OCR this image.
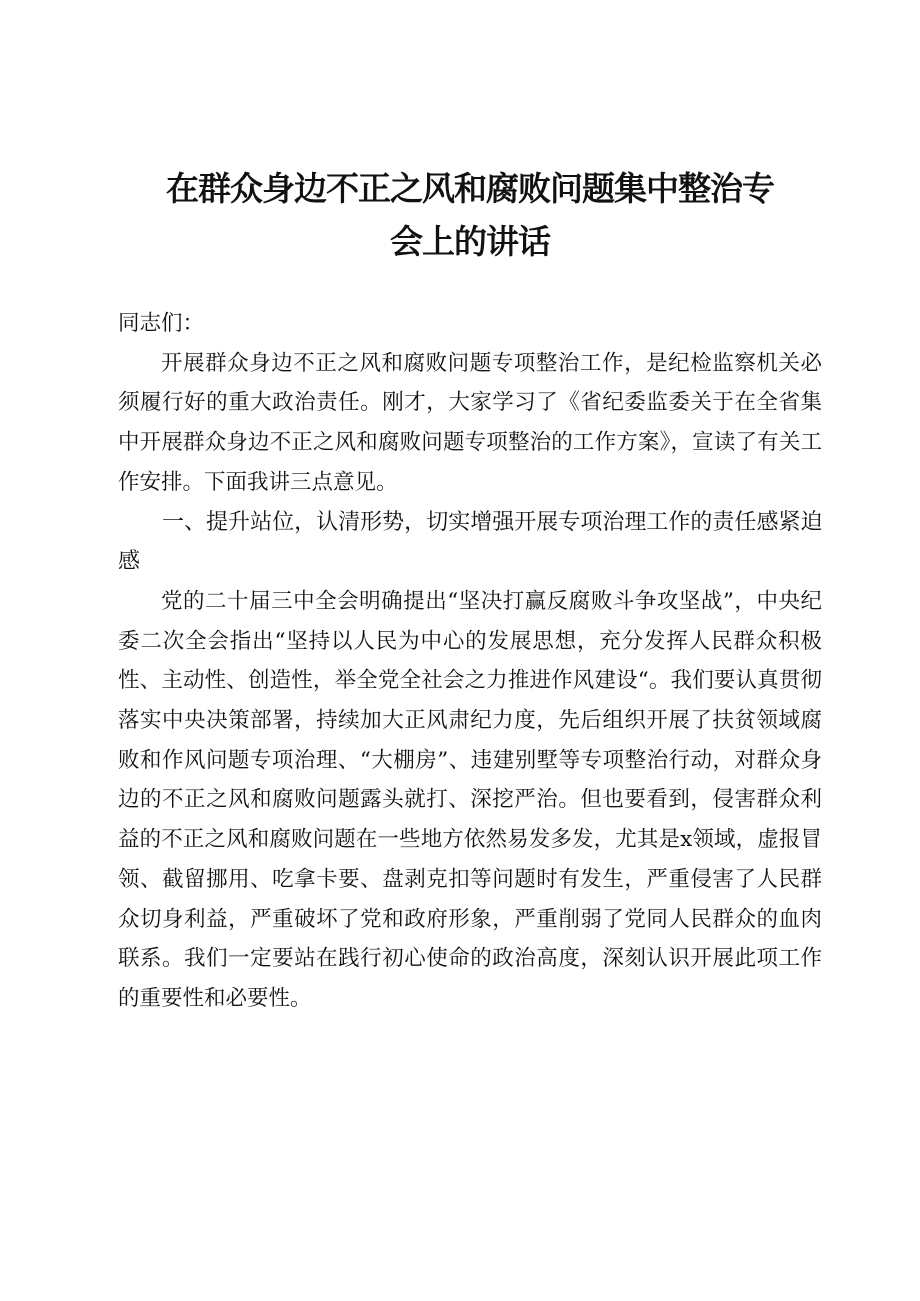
在群众身边不正之风和腐败问题集中整治专
会上的讲话

同志们：

开展群众身边不正之风和腐败问题专项整治工作，是纪检监察机关必须履行好的重大政治责任。刚才，大家学习了《省纪委监委关于在全省集中开展群众身边不正之风和腐败问题专项整治的工作方案》，宣读了有关工作安排。下面我讲三点意见。

一、提升站位，认清形势，切实增强开展专项治理工作的责任感紧迫感

党的二十届三中全会明确提出“坚决打赢反腐败斗争攻坚战”，中央纪委二次全会指出“坚持以人民为中心的发展思想，充分发挥人民群众积极性、主动性、创造性，举全党全社会之力推进作风建设“。我们要认真贯彻落实中央决策部署，持续加大正风肃纪力度，先后组织开展了扶贫领域腐败和作风问题专项治理、“大棚房”、违建别墅等专项整治行动，对群众身边的不正之风和腐败问题露头就打、深挖严治。但也要看到，侵害群众利益的不正之风和腐败问题在一些地方依然易发多发，尤其是x领域，虚报冒领、截留挪用、吃拿卡要、盘剥克扣等问题时有发生，严重侵害了人民群众切身利益，严重破坏了党和政府形象，严重削弱了党同人民群众的血肉联系。我们一定要站在践行初心使命的政治高度，深刻认识开展此项工作的重要性和必要性。
